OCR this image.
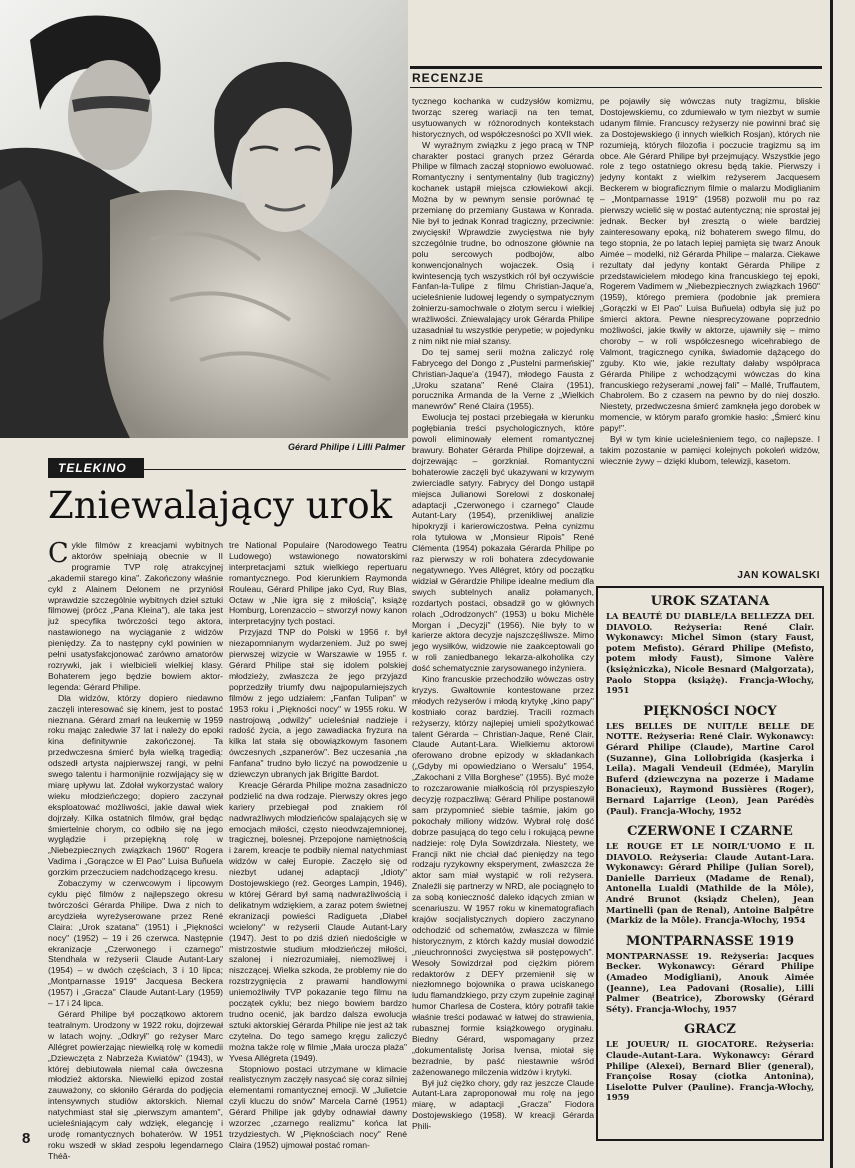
Gérard Philipe i Lilli Palmer
TELEKINO
Zniewalający urok
RECENZJE

Cykle filmów z kreacjami wybitnych aktorów spełniają obecnie w II programie TVP rolę atrakcyjnej „akademii starego kina". Zakończony właśnie cykl z Alainem Delonem ne przyniósł wprawdzie szczególnie wybitnych dzieł sztuki filmowej (prócz „Pana Kleina"), ale taka jest już specyfika twórczości tego aktora, nastawionego na wyciąganie z widzów pieniędzy. Za to następny cykl powinien w pełni usatysfakcjonować zarówno amatorów rozrywki, jak i wielbicieli wielkiej klasy. Bohaterem jego będzie bowiem aktor-legenda: Gérard Philipe.

Dla widzów, którzy dopiero niedawno zaczęli interesować się kinem, jest to postać nieznana. Gérard zmarł na leukemię w 1959 roku mając zaledwie 37 lat i należy do epoki kina definitywnie zakończonej. Ta przedwczesna śmierć była wielką tragedią: odszedł artysta najpierwszej rangi, w pełni swego talentu i harmonijnie rozwijający się w miarę upływu lat. Zdołał wykorzystać walory wieku młodzieńczego; dopiero zaczynał eksploatować możliwości, jakie dawał wiek dojrzały. Kilka ostatnich filmów, grał będąc śmiertelnie chorym, co odbiło się na jego wyglądzie i przepiękną rolę w „Niebezpiecznych związkach 1960" Rogera Vadima i „Gorączce w El Pao" Luisa Buñuela gorzkim przeczuciem nadchodzącego kresu.

Zobaczymy w czerwcowym i lipcowym cyklu pięć filmów z najlepszego okresu twórczości Gérarda Philipe. Dwa z nich to arcydzieła wyreżyserowane przez René Claira: „Urok szatana" (1951) i „Piękności nocy" (1952) – 19 i 26 czerwca. Następnie ekranizacje „Czerwonego i czarnego" Stendhala w reżyserii Claude Autant-Lary (1954) – w dwóch częściach, 3 i 10 lipca; „Montparnasse 1919" Jacquesa Beckera (1957) i „Gracza" Claude Autant-Lary (1959) – 17 i 24 lipca.

Gérard Philipe był początkowo aktorem teatralnym. Urodzony w 1922 roku, dojrzewał w latach wojny. „Odkrył" go reżyser Marc Allégret powierzając niewielką rolę w komedii „Dziewczęta z Nabrzeża Kwiatów" (1943), w której debiutowała niemal cała ówczesna młodzież aktorska. Niewielki epizod został zauważony, co skłoniło Gérarda do podjęcia intensywnych studiów aktorskich. Niemal natychmiast stał się „pierwszym amantem", ucieleśniającym cały wdzięk, elegancję i urodę romantycznych bohaterów. W 1951 roku wszedł w skład zespołu legendarnego Théâ-

tre National Populaire (Narodowego Teatru Ludowego) wstawionego nowatorskimi interpretacjami sztuk wielkiego repertuaru romantycznego. Pod kierunkiem Raymonda Rouleau, Gérard Philipe jako Cyd, Ruy Blas, Octaw w „Nie igra się z miłością", książę Homburg, Lorenzaccio – stworzył nowy kanon interpretacyjny tych postaci.

Przyjazd TNP do Polski w 1956 r. był niezapomnianym wydarzeniem. Już po swej pierwszej wizycie w Warszawie w 1955 r. Gérard Philipe stał się idolem polskiej młodzieży, zwłaszcza że jego przyjazd poprzedziły triumfy dwu najpopularniejszych filmów z jego udziałem: „Fanfan Tulipan" w 1953 roku i „Piękności nocy" w 1955 roku. W nastrojową „odwilży" ucieleśniał nadzieje i radość życia, a jego zawadiacka fryzura na kilka lat stała się obowiązkowym fasonem ówczesnych „szpanerów". Bez uczesania „na Fanfana" trudno było liczyć na powodzenie u dziewczyn ubranych jak Brigitte Bardot.

Kreacje Gérarda Philipe można zasadniczo podzielić na dwa rodzaje. Pierwszy okres jego kariery przebiegał pod znakiem ról nadwrażliwych młodzieńców spalających się w emocjach miłości, często nieodwzajemnionej, tragicznej, bolesnej. Przepojone namiętnością i żarem, kreacje te podbiły niemal natychmiast widzów w całej Europie. Zaczęło się od niezbyt udanej adaptacji „Idioty" Dostojewskiego (reż. Georges Lampin, 1946), w której Gérard był samą nadwrażliwością i delikatnym wdziękiem, a zaraz potem świetnej ekranizacji powieści Radigueta „Diabeł wcielony" w reżyserii Claude Autant-Lary (1947). Jest to po dziś dzień niedościgłe w mistrzostwie studium młodzieńczej miłości, szalonej i niezrozumiałej, niemożliwej i niszczącej. Wielka szkoda, że problemy nie do rozstrzygnięcia z prawami handlowymi uniemożliwiły TVP pokazanie tego filmu na początek cyklu; bez niego bowiem bardzo trudno ocenić, jak bardzo dalsza ewolucja sztuki aktorskiej Gérarda Philipe nie jest aż tak czytelna. Do tego samego kręgu zaliczyć można także rolę w filmie „Mała urocza plaża" Yvesa Allégreta (1949).

Stopniowo postaci utrzymane w klimacie realistycznym zaczęły nasycać się coraz silniej elementami romantycznej emocji. W „Julietcie czyli kluczu do snów" Marcela Carné (1951) Gérard Philipe jak gdyby odnawiał dawny wzorzec „czarnego realizmu" końca lat trzydziestych. W „Pięknościach nocy" René Claira (1952) ujmował postać roman-

tycznego kochanka w cudzysłów komizmu, tworząc szereg wariacji na ten temat, usytuowanych w różnorodnych kontekstach historycznych, od współczesności po XVII wiek.

W wyraźnym związku z jego pracą w TNP charakter postaci granych przez Gérarda Philipe w filmach zaczął stopniowo ewoluować. Romantyczny i sentymentalny (lub tragiczny) kochanek ustąpił miejsca człowiekowi akcji. Można by w pewnym sensie porównać tę przemianę do przemiany Gustawa w Konrada. Nie był to jednak Konrad tragiczny, przeciwnie: zwycięski! Wprawdzie zwycięstwa nie były szczególnie trudne, bo odnoszone głównie na polu sercowych podbojów, albo konwencjonalnych wojaczek. Osią i kwintesencją tych wszystkich ról był oczywiście Fanfan-la-Tulipe z filmu Christian-Jaque'a, ucieleśnienie ludowej legendy o sympatycznym żołnierzu-samochwale o złotym sercu i wielkiej wrażliwości. Zniewalający urok Gérarda Philipe uzasadniał tu wszystkie perypetie; w pojedynku z nim nikt nie miał szansy.

Do tej samej serii można zaliczyć rolę Fabrycego del Dongo z „Pustelni parmeńskiej" Christian-Jaque'a (1947), młodego Fausta z „Uroku szatana" René Claira (1951), porucznika Armanda de la Verne z „Wielkich manewrów" René Claira (1955).

Ewolucja tej postaci przebiegała w kierunku pogłębiania treści psychologicznych, które powoli eliminowały element romantycznej brawury. Bohater Gérarda Philipe dojrzewał, a dojrzewając – gorzkniał. Romantyczni bohaterowie zaczęli być ukazywani w krzywym zwierciadle satyry. Fabrycy del Dongo ustąpił miejsca Julianowi Sorelowi z doskonałej adaptacji „Czerwonego i czarnego" Claude Autant-Lary (1954), przenikliwej analizie hipokryzji i karierowiczostwa. Pełna cynizmu rola tytułowa w „Monsieur Ripois" René Clémenta (1954) pokazała Gérarda Philipe po raz pierwszy w roli bohatera zdecydowanie negatywnego. Yves Allégret, który od początku widział w Gérardzie Philipe idealne medium dla swych subtelnych analiz połamanych, rozdartych postaci, obsadził go w głównych rolach „Odrodzonych" (1953) u boku Michèle Morgan i „Decyzji" (1956). Nie były to w karierze aktora decyzje najszczęśliwsze. Mimo jego wysiłków, widzowie nie zaakceptowali go w roli zaniedbanego lekarza-alkoholika czy dość schematycznie zarysowanego inżyniera.

Kino francuskie przechodziło wówczas ostry kryzys. Gwałtownie kontestowane przez młodych reżyserów i młodą krytykę „kino papy" kostniało coraz bardziej. Tracili rozmach reżyserzy, którzy najlepiej umieli spożytkować talent Gérarda – Christian-Jaque, René Clair, Claude Autant-Lara. Wielkiemu aktorowi oferowano drobne epizody w składankach („Gdyby mi opowiedziano o Wersalu" 1954, „Zakochani z Villa Borghese" (1955). Być może to rozczarowanie miałkością ról przyspieszyło decyzję rozpaczliwą: Gérard Philipe postanowił sam przypomnieć siebie taśmie, jakim go pokochały miliony widzów. Wybrał rolę dość dobrze pasującą do tego celu i rokującą pewne nadzieje: rolę Dyla Sowizdrzała. Niestety, we Francji nikt nie chciał dać pieniędzy na tego rodzaju ryzykowny eksperyment, zwłaszcza że aktor sam miał wystąpić w roli reżysera. Znaleźli się partnerzy w NRD, ale pociągnęło to za sobą konieczność daleko idących zmian w scenariuszu. W 1957 roku w kinematografiach krajów socjalistycznych dopiero zaczynano odchodzić od schematów, zwłaszcza w filmie historycznym, z którch każdy musiał dowodzić „nieuchronności zwycięstwa sił postępowych". Wesoły Sowizdrzał pod ciężkim piórem redaktorów z DEFY przemienił się w niezłomnego bojownika o prawa uciskanego ludu flamandzkiego, przy czym zupełnie zaginął humor Charlesa de Costera, który potrafił takie właśnie treści podawać w łatwej do strawienia, rubasznej formie książkowego oryginału. Biedny Gérard, wspomagany przez „dokumentalistę Jorisa Ivensa, miotał się bezradnie, by paść niestawnie wśród zażenowanego milczenia widzów i krytyki.

Był już ciężko chory, gdy raz jeszcze Claude Autant-Lara zaproponował mu rolę na jego miarę, w adaptacji „Gracza" Fiodora Dostojewskiego (1958). W kreacji Gérarda Phili-

pe pojawiły się wówczas nuty tragizmu, bliskie Dostojewskiemu, co zdumiewało w tym niezbyt w sumie udanym filmie. Francuscy reżyserzy nie powinni brać się za Dostojewskiego (i innych wielkich Rosjan), których nie rozumieją, których filozofia i poczucie tragizmu są im obce. Ale Gérard Philipe był przejmujący. Wszystkie jego role z tego ostatniego okresu będą takie. Pierwszy i jedyny kontakt z wielkim reżyserem Jacquesem Beckerem w biograficznym filmie o malarzu Modiglianim – „Montparnasse 1919" (1958) pozwolił mu po raz pierwszy wcielić się w postać autentyczną; nie sprostał jej jednak. Becker był zresztą o wiele bardziej zainteresowany epoką, niż bohaterem swego filmu, do tego stopnia, że po latach lepiej pamięta się twarz Anouk Aimée – modelki, niż Gérarda Philipe – malarza. Ciekawe rezultaty dał jedyny kontakt Gérarda Philipe z przedstawicielem młodego kina francuskiego tej epoki, Rogerem Vadimem w „Niebezpiecznych związkach 1960" (1959), którego premiera (podobnie jak premiera „Gorączki w El Pao" Luisa Buñuela) odbyła się już po śmierci aktora. Pewne niesprecyzowane poprzednio możliwości, jakie tkwiły w aktorze, ujawniły się – mimo choroby – w roli współczesnego wicehrabiego de Valmont, tragicznego cynika, świadomie dążącego do zguby. Kto wie, jakie rezultaty dałaby współpraca Gérarda Philipe z wchodzącymi wówczas do kina francuskiego reżyserami „nowej fali" – Mallé, Truffautem, Chabrolem. Bo z czasem na pewno by do niej doszło. Niestety, przedwczesna śmierć zamknęła jego dorobek w momencie, w którym parafo gromkie hasło: „Śmierć kinu papy!".

Był w tym kinie ucieleśnieniem tego, co najlepsze. I takim pozostanie w pamięci kolejnych pokoleń widzów, wiecznie żywy – dzięki klubom, telewizji, kasetom.

JAN KOWALSKI
UROK SZATANA
LA BEAUTÉ DU DIABLE/LA BELLEZZA DEL DIAVOLO. Reżyseria: René Clair. Wykonawcy: Michel Simon (stary Faust, potem Mefisto). Gérard Philipe (Mefisto, potem młody Faust), Simone Valère (księżniczka), Nicole Besnard (Małgorzata), Paolo Stoppa (książę). Francja-Włochy, 1951
PIĘKNOŚCI NOCY
LES BELLES DE NUIT/LE BELLE DE NOTTE. Reżyseria: René Clair. Wykonawcy: Gérard Philipe (Claude), Martine Carol (Suzanne), Gina Lollobrigida (kasjerka i Leila). Magali Vendeuil (Edmée), Marylin Buferd (dziewczyna na pozerze i Madame Bonacieux), Raymond Bussières (Roger), Bernard Lajarrige (Leon), Jean Parédès (Paul). Francja-Włochy, 1952
CZERWONE I CZARNE
LE ROUGE ET LE NOIR/L'UOMO E IL DIAVOLO. Reżyseria: Claude Autant-Lara. Wykonawcy: Gérard Philipe (Julian Sorel), Danielle Darrieux (Madame de Renal), Antonella Lualdi (Mathilde de la Môle), André Brunot (ksiądz Chelen), Jean Martinelli (pan de Renal), Antoine Balpêtre (Markiz de la Môle). Francja-Włochy, 1954
MONTPARNASSE 1919
MONTPARNASSE 19. Reżyseria: Jacques Becker. Wykonawcy: Gérard Philipe (Amadeo Modigliani), Anouk Aimée (Jeanne), Lea Padovani (Rosalie), Lilli Palmer (Beatrice), Zborowsky (Gérard Séty). Francja-Włochy, 1957
GRACZ
LE JOUEUR/ IL GIOCATORE. Reżyseria: Claude-Autant-Lara. Wykonawcy: Gérard Philipe (Alexei), Bernard Blier (general), Françoise Rosay (ciotka Antonina), Liselotte Pulver (Pauline). Francja-Włochy, 1959
8
